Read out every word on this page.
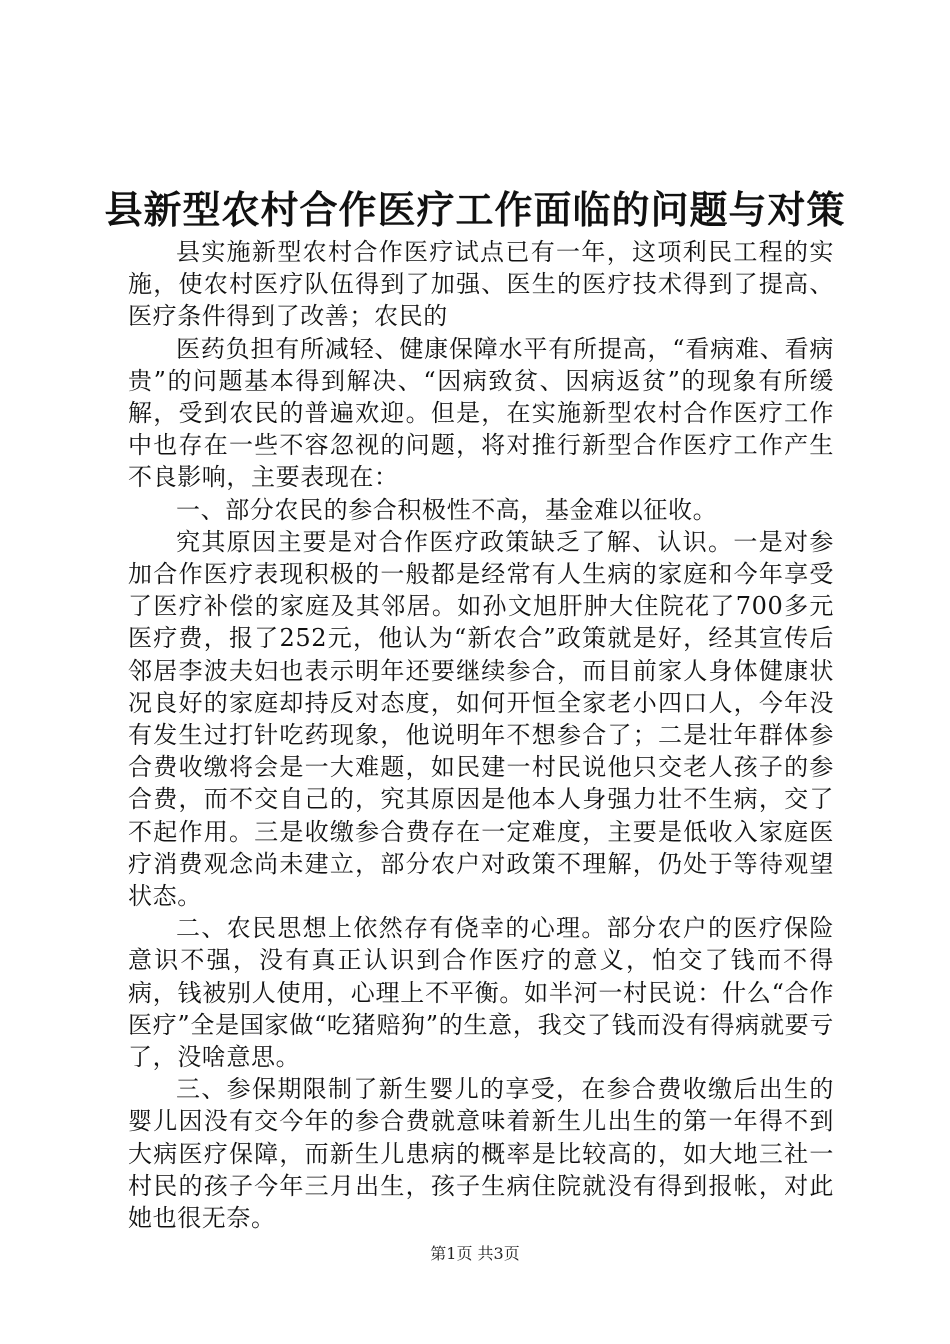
县新型农村合作医疗工作面临的问题与对策

县实施新型农村合作医疗试点已有一年，这项利民工程的实施，使农村医疗队伍得到了加强、医生的医疗技术得到了提高、医疗条件得到了改善；农民的

医药负担有所减轻、健康保障水平有所提高，“看病难、看病贵”的问题基本得到解决、“因病致贫、因病返贫”的现象有所缓解，受到农民的普遍欢迎。但是，在实施新型农村合作医疗工作中也存在一些不容忽视的问题，将对推行新型合作医疗工作产生不良影响，主要表现在：

一、部分农民的参合积极性不高，基金难以征收。

究其原因主要是对合作医疗政策缺乏了解、认识。一是对参加合作医疗表现积极的一般都是经常有人生病的家庭和今年享受了医疗补偿的家庭及其邻居。如孙文旭肝肿大住院花了700多元医疗费，报了252元，他认为“新农合”政策就是好，经其宣传后邻居李波夫妇也表示明年还要继续参合，而目前家人身体健康状况良好的家庭却持反对态度，如何开恒全家老小四口人，今年没有发生过打针吃药现象，他说明年不想参合了；二是壮年群体参合费收缴将会是一大难题，如民建一村民说他只交老人孩子的参合费，而不交自己的，究其原因是他本人身强力壮不生病，交了不起作用。三是收缴参合费存在一定难度，主要是低收入家庭医疗消费观念尚未建立，部分农户对政策不理解，仍处于等待观望状态。

二、农民思想上依然存有侥幸的心理。部分农户的医疗保险意识不强，没有真正认识到合作医疗的意义，怕交了钱而不得病，钱被别人使用，心理上不平衡。如半河一村民说：什么“合作医疗”全是国家做“吃猪赔狗”的生意，我交了钱而没有得病就要亏了，没啥意思。

三、参保期限制了新生婴儿的享受，在参合费收缴后出生的婴儿因没有交今年的参合费就意味着新生儿出生的第一年得不到大病医疗保障，而新生儿患病的概率是比较高的，如大地三社一村民的孩子今年三月出生，孩子生病住院就没有得到报帐，对此她也很无奈。

第1页 共3页
